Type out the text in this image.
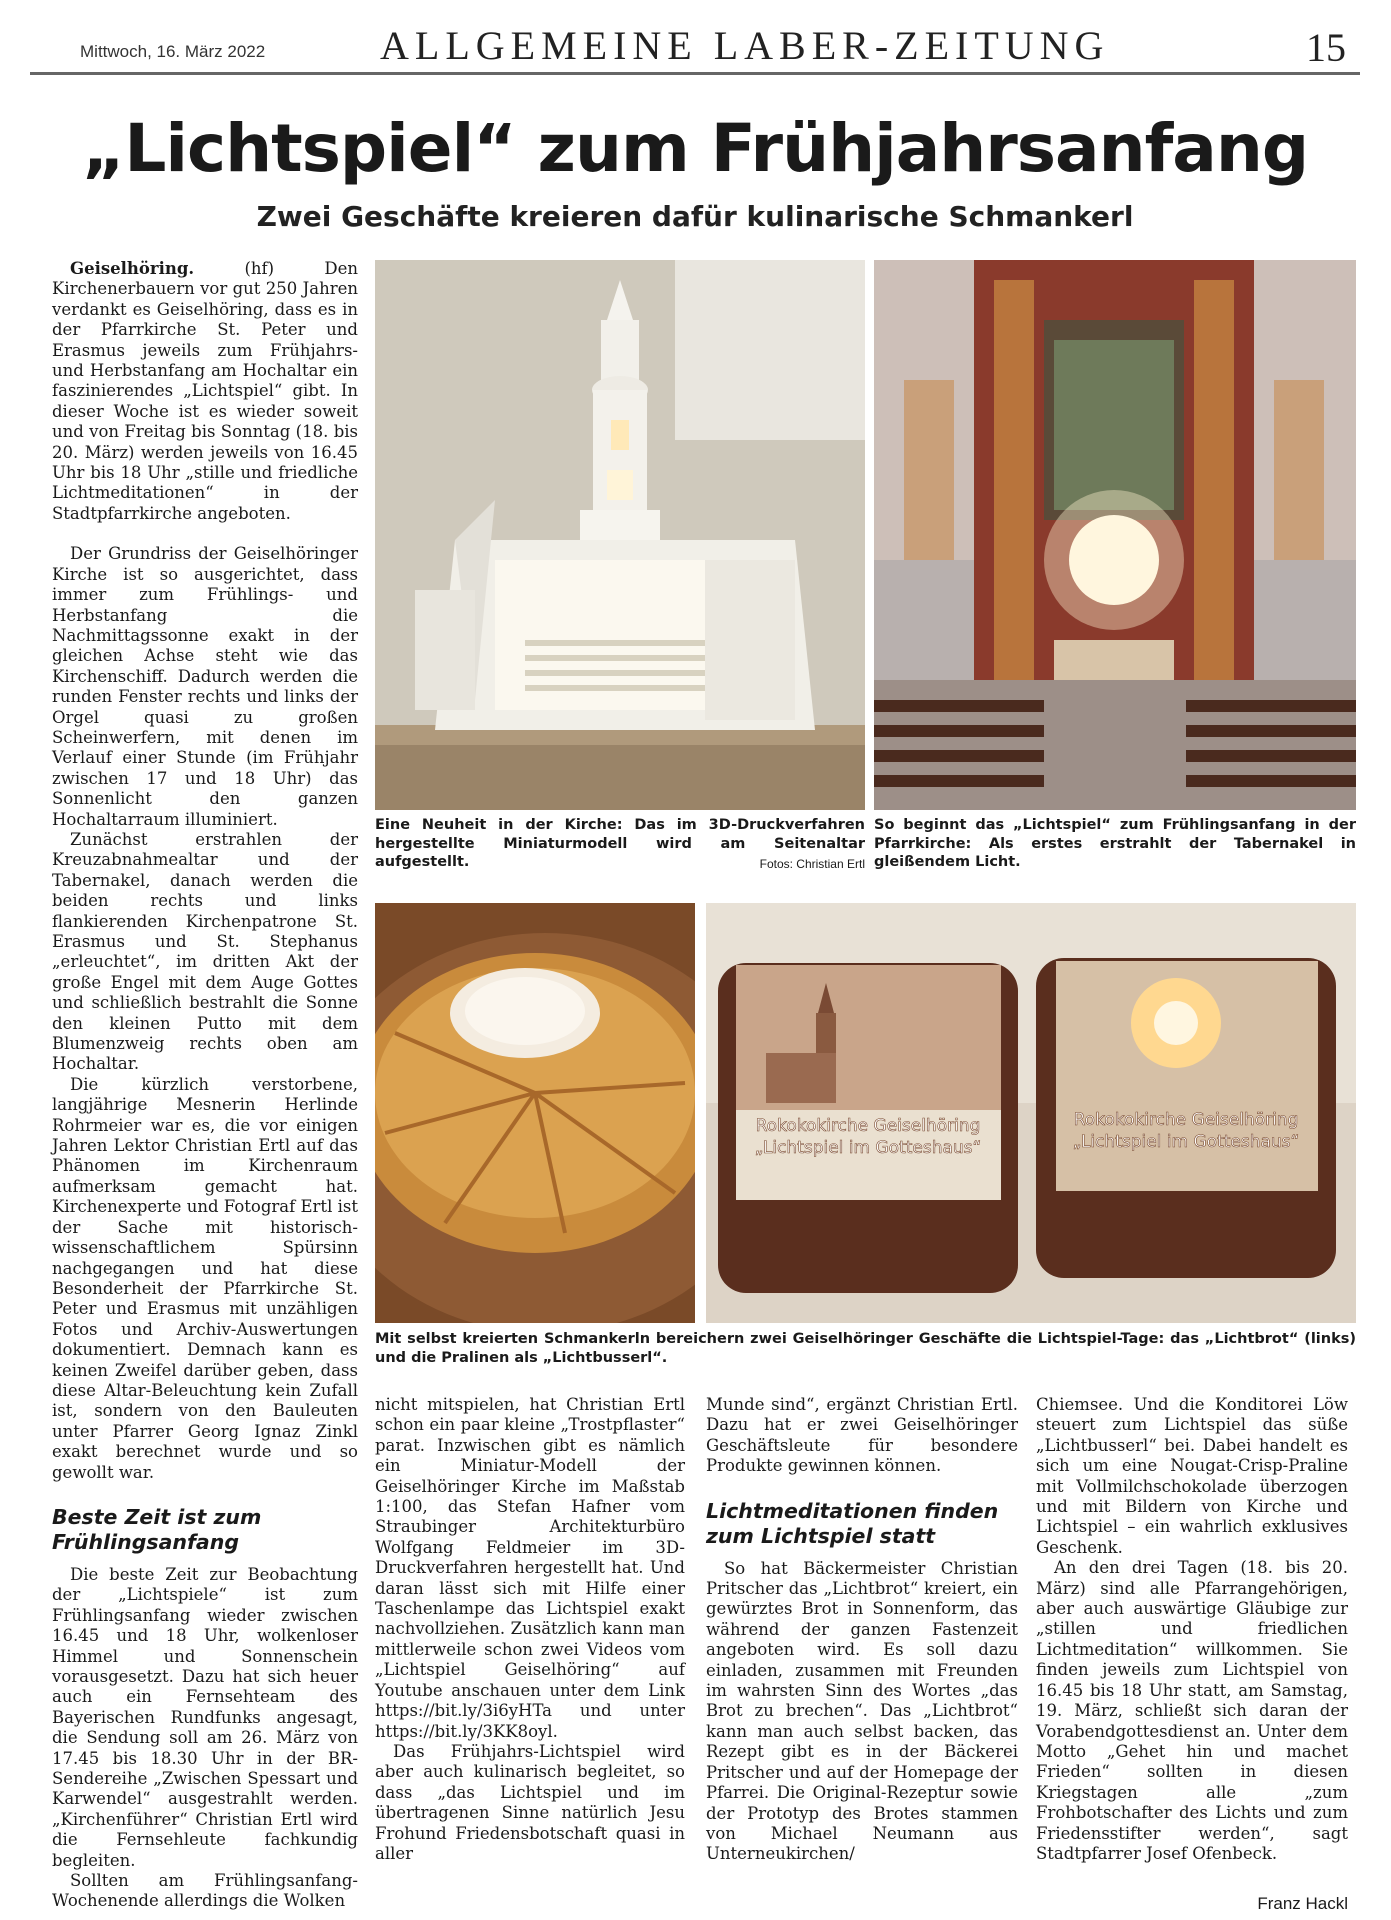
Mittwoch, 16. März 2022	ALLGEMEINE LABER-ZEITUNG	15
„Lichtspiel“ zum Frühjahrsanfang
Zwei Geschäfte kreieren dafür kulinarische Schmankerl
Eine Neuheit in der Kirche: Das im 3D-Druckverfahren hergestellte Miniaturmodell wird am Seitenaltar aufgestellt.	Fotos: Christian Ertl
So beginnt das „Lichtspiel“ zum Frühlingsanfang in der Pfarrkirche: Als erstes erstrahlt der Tabernakel in gleißendem Licht.
Rokokokirche Geiselhöring
„Lichtspiel im Gotteshaus“
Rokokokirche Geiselhöring
„Lichtspiel im Gotteshaus“
Mit selbst kreierten Schmankerln bereichern zwei Geiselhöringer Geschäfte die Lichtspiel-Tage: das „Lichtbrot“ (links) und die Pralinen als „Lichtbusserl“.

Geiselhöring. (hf) Den Kirchenerbauern vor gut 250 Jahren verdankt es Geiselhöring, dass es in der Pfarrkirche St. Peter und Erasmus jeweils zum Frühjahrs- und Herbstanfang am Hochaltar ein faszinierendes „Lichtspiel“ gibt. In dieser Woche ist es wieder soweit und von Freitag bis Sonntag (18. bis 20. März) werden jeweils von 16.45 Uhr bis 18 Uhr „stille und friedliche Lichtmeditationen“ in der Stadtpfarrkirche angeboten.

Der Grundriss der Geiselhöringer Kirche ist so ausgerichtet, dass immer zum Frühlings- und Herbstanfang die Nachmittagssonne exakt in der gleichen Achse steht wie das Kirchenschiff. Dadurch werden die runden Fenster rechts und links der Orgel quasi zu großen Scheinwerfern, mit denen im Verlauf einer Stunde (im Frühjahr zwischen 17 und 18 Uhr) das Sonnenlicht den ganzen Hochaltarraum illuminiert.

Zunächst erstrahlen der Kreuzabnahmealtar und der Tabernakel, danach werden die beiden rechts und links flankierenden Kirchenpatrone St. Erasmus und St. Stephanus „erleuchtet“, im dritten Akt der große Engel mit dem Auge Gottes und schließlich bestrahlt die Sonne den kleinen Putto mit dem Blumenzweig rechts oben am Hochaltar.

Die kürzlich verstorbene, langjährige Mesnerin Herlinde Rohrmeier war es, die vor einigen Jahren Lektor Christian Ertl auf das Phänomen im Kirchenraum aufmerksam gemacht hat. Kirchenexperte und Fotograf Ertl ist der Sache mit historisch-wissenschaftlichem Spürsinn nachgegangen und hat diese Besonderheit der Pfarrkirche St. Peter und Erasmus mit unzähligen Fotos und Archiv-Auswertungen dokumentiert. Demnach kann es keinen Zweifel darüber geben, dass diese Altar-Beleuchtung kein Zufall ist, sondern von den Bauleuten unter Pfarrer Georg Ignaz Zinkl exakt berechnet wurde und so gewollt war.

Beste Zeit ist zum Frühlingsanfang

Die beste Zeit zur Beobachtung der „Lichtspiele“ ist zum Frühlingsanfang wieder zwischen 16.45 und 18 Uhr, wolkenloser Himmel und Sonnenschein vorausgesetzt. Dazu hat sich heuer auch ein Fernsehteam des Bayerischen Rundfunks angesagt, die Sendung soll am 26. März von 17.45 bis 18.30 Uhr in der BR-Sendereihe „Zwischen Spessart und Karwendel“ ausgestrahlt werden. „Kirchenführer“ Christian Ertl wird die Fernsehleute fachkundig begleiten.

Sollten am Frühlingsanfang-Wochenende allerdings die Wolken

nicht mitspielen, hat Christian Ertl schon ein paar kleine „Trostpflaster“ parat. Inzwischen gibt es nämlich ein Miniatur-Modell der Geiselhöringer Kirche im Maßstab 1:100, das Stefan Hafner vom Straubinger Architekturbüro Wolfgang Feldmeier im 3D-Druckverfahren hergestellt hat. Und daran lässt sich mit Hilfe einer Taschenlampe das Lichtspiel exakt nachvollziehen. Zusätzlich kann man mittlerweile schon zwei Videos vom „Lichtspiel Geiselhöring“ auf Youtube anschauen unter dem Link https://bit.ly/3i6yHTa und unter https://bit.ly/3KK8oyl.

Das Frühjahrs-Lichtspiel wird aber auch kulinarisch begleitet, so dass „das Lichtspiel und im übertragenen Sinne natürlich Jesu Frohund Friedensbotschaft quasi in aller

Munde sind“, ergänzt Christian Ertl. Dazu hat er zwei Geiselhöringer Geschäftsleute für besondere Produkte gewinnen können.

Lichtmeditationen finden zum Lichtspiel statt

So hat Bäckermeister Christian Pritscher das „Lichtbrot“ kreiert, ein gewürztes Brot in Sonnenform, das während der ganzen Fastenzeit angeboten wird. Es soll dazu einladen, zusammen mit Freunden im wahrsten Sinn des Wortes „das Brot zu brechen“. Das „Lichtbrot“ kann man auch selbst backen, das Rezept gibt es in der Bäckerei Pritscher und auf der Homepage der Pfarrei. Die Original-Rezeptur sowie der Prototyp des Brotes stammen von Michael Neumann aus Unterneukirchen/

Chiemsee. Und die Konditorei Löw steuert zum Lichtspiel das süße „Lichtbusserl“ bei. Dabei handelt es sich um eine Nougat-Crisp-Praline mit Vollmilchschokolade überzogen und mit Bildern von Kirche und Lichtspiel – ein wahrlich exklusives Geschenk.

An den drei Tagen (18. bis 20. März) sind alle Pfarrangehörigen, aber auch auswärtige Gläubige zur „stillen und friedlichen Lichtmeditation“ willkommen. Sie finden jeweils zum Lichtspiel von 16.45 bis 18 Uhr statt, am Samstag, 19. März, schließt sich daran der Vorabendgottesdienst an. Unter dem Motto „Gehet hin und machet Frieden“ sollten in diesen Kriegstagen alle „zum Frohbotschafter des Lichts und zum Friedensstifter werden“, sagt Stadtpfarrer Josef Ofenbeck.

Franz Hackl
